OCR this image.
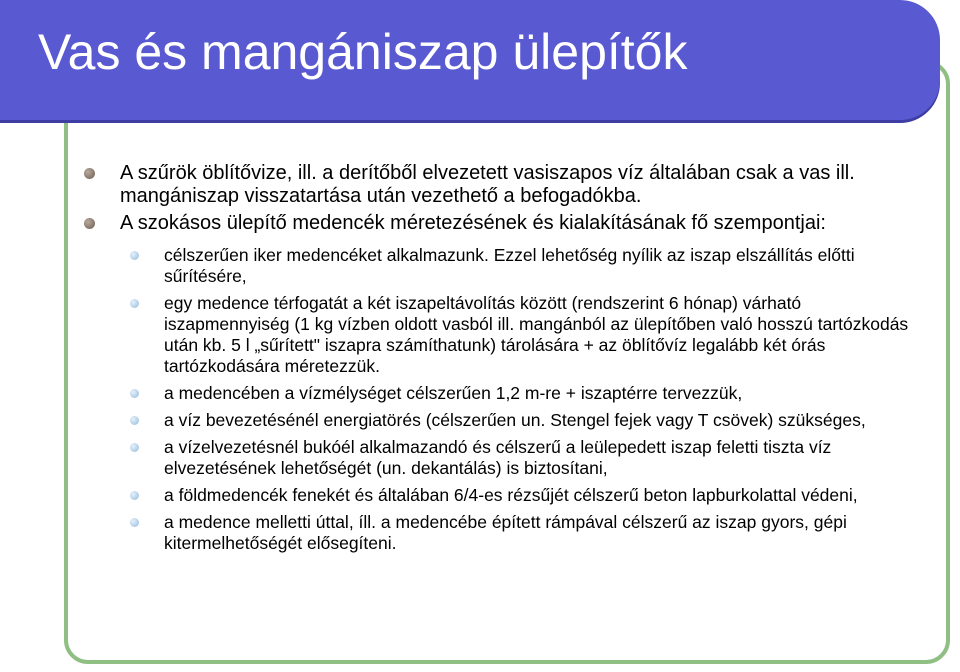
Vas és mangániszap ülepítők
A szűrök öblítővize, ill. a derítőből elvezetett vasiszapos víz általában csak a vas ill. mangániszap visszatartása után vezethető a befogadókba.
A szokásos ülepítő medencék méretezésének és kialakításának fő szempontjai:
célszerűen iker medencéket alkalmazunk. Ezzel lehetőség nyílik az iszap elszállítás előtti sűrítésére,
egy medence térfogatát a két iszapeltávolítás között (rendszerint 6 hónap) várható iszapmennyiség (1 kg vízben oldott vasból ill. mangánból az ülepítőben való hosszú tartózkodás után kb. 5 l „sűrített" iszapra számíthatunk) tárolására + az öblítővíz legalább két órás tartózkodására méretezzük.
a medencében a vízmélységet célszerűen 1,2 m-re + iszaptérre tervezzük,
a víz bevezetésénél energiatörés (célszerűen un. Stengel fejek vagy T csövek) szükséges,
a vízelvezetésnél bukóél alkalmazandó és célszerű a leülepedett iszap feletti tiszta víz elvezetésének lehetőségét (un. dekantálás) is biztosítani,
a földmedencék fenekét és általában 6/4-es rézsűjét célszerű beton lapburkolattal védeni,
a medence melletti úttal, íll. a medencébe épített rámpával célszerű az iszap gyors, gépi kitermelhetőségét elősegíteni.
